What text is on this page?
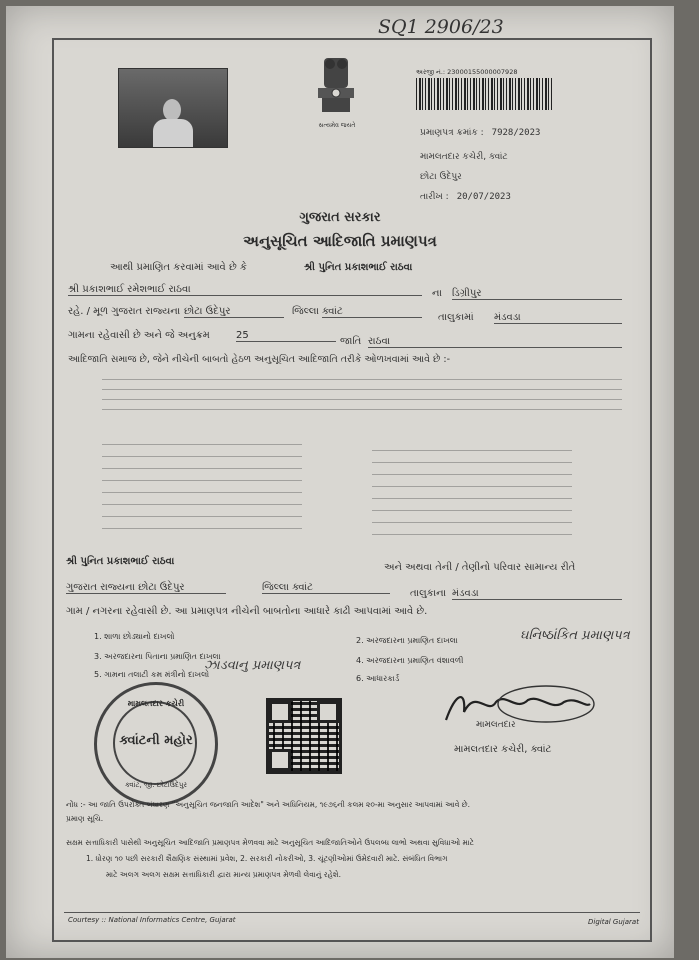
SQ1 2906/23
સત્યમેવ જયતે
અરજી નં.: 23000155000007928
પ્રમાણપત્ર ક્રમાંક : 7928/2023
મામલતદાર કચેરી, ક્વાંટ
છોટા ઉદેપુર
તારીખ : 20/07/2023
ગુજરાત સરકાર
અનુસૂચિત આદિજાતિ પ્રમાણપત્ર
આથી પ્રમાણિત કરવામાં આવે છે કે	શ્રી પુનિત પ્રકાશભાઈ રાઠવા
શ્રી પ્રકાશભાઈ રમેશભાઈ રાઠવા	ના ડિગ્રીપુર
રહે. / મૂળ ગુજરાત રાજ્યના છોટા ઉદેપુર	જિલ્લા ક્વાંટ
તાલુકામાં મંડવડા
ગામના રહેવાસી છે અને જે અનુક્રમ	25
જાતિ રાઠવા
આદિજાતિ સમાજ છે, જેને નીચેની બાબતો હેઠળ અનુસૂચિત આદિજાતિ તરીકે ઓળખવામાં આવે છે :-
શ્રી પુનિત પ્રકાશભાઈ રાઠવા
અને અથવા તેની / તેણીનો પરિવાર સામાન્ય રીતે
ગુજરાત રાજ્યના છોટા ઉદેપુર	જિલ્લા ક્વાંટ
તાલુકાના મંડવડા
ગામ / નગરના રહેવાસી છે. આ પ્રમાણપત્ર નીચેની બાબતોના આધારે કાઢી આપવામાં આવે છે.
1. શાળા છોડ્યાનો દાખલો	2. અરજદારના પ્રમાણિત દાખલા	ઘનિષ્ઠાંકિત પ્રમાણપત્ર
3. અરજદારના પિતાના પ્રમાણિત દાખલા	4. અરજદારના પ્રમાણિત વંશાવળી
5. ગામના તલાટી કમ મંત્રીનો દાખલો
ઝાડવાનુ પ્રમાણપત્ર
6. આધારકાર્ડ
મામલતદાર કચેરી
ક્વાંટની મહોર
ક્વાંટ, જી. છોટાઉદેપુર
Kamarani
મામલતદાર
મામલતદાર કચેરી, ક્વાંટ
નોંધ :- આ જાતિ ઉપરોક્ત બંધારણ "અનુસૂચિત જનજાતિ આદેશ" અને અધિનિયમ, ૧૯૭૬ની કલમ ૨૦-મા અનુસાર આપવામાં આવે છે.
પ્રમાણ સૂચિ.
સક્ષમ સત્તાધિકારી પાસેથી અનુસૂચિત આદિજાતિ પ્રમાણપત્ર મેળવવા માટે અનુસૂચિત આદિજાતિઓને ઉપલબ્ધ લાભો અથવા સુવિધાઓ માટે
1. ધોરણ ૧૦ પછી સરકારી શૈક્ષણિક સંસ્થામાં પ્રવેશ, 2. સરકારી નોકરીઓ, 3. ચૂંટણીઓમાં ઉમેદવારી માટે. સંબંધિત વિભાગ
માટે અલગ અલગ સક્ષમ સત્તાધિકારી દ્વારા માન્ય પ્રમાણપત્ર મેળવી લેવાનું રહેશે.
Courtesy :: National Informatics Centre, Gujarat	Digital Gujarat
